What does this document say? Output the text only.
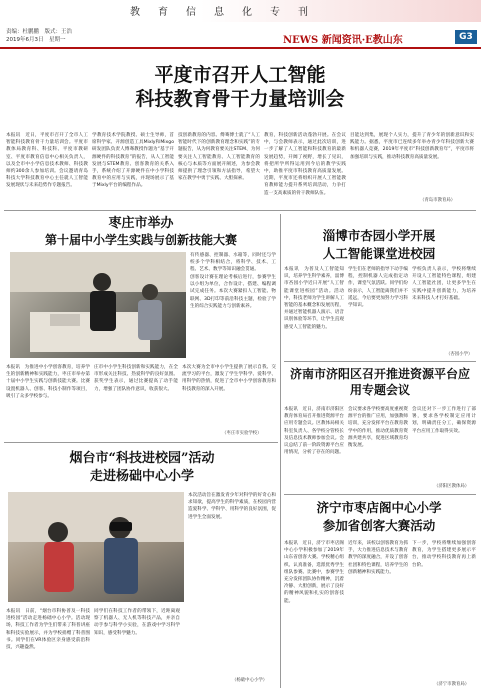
教育信息化专刊
责编：杜鹏鹏　版式：王浩
2019年6月3日　星期一	NEWS 新闻资讯·E教山东	G3
平度市召开人工智能
科技教育骨干力量培训会
本报讯　近日，平度市召开了全市人工智能科技教育骨干力量培训会。平度市教体局教育科、科技科、平度市教研室、平度市教育信息中心相关负责人，以及全市中小学信息技术教师、科技教师约300余人参加培训。会议邀请青岛科技大学科技教育中心主任就人工智能发展现状与未来趋势作专题报告。
学教育技术学院教授、硕士生导师，首席科学家、开源创造工具Mixly和Mixgo研发团队负责人傅骞教授作题为“基于开源硬件的科技教育”的报告，从人工智能发展与STEM教育、创客教育的关系入手，系统介绍了开源硬件在中小学科技教育中的应用与实践，并现场展示了基于Mixly平台的编程作品。
技创新教育的内容。傅骞博士就了“人工智能时代下的创新教育理念和实践”的专题报告，从为何教育要关注STEM、为何要关注人工智能教育、人工智能教育的核心与本质等方面展开阐述，为参会教师提供了理念引领和方法指导，希望大家在教学中勇于实践、大胆探索。
教育，科技创新活动蓬勃开展。在会议中，与会教师表示，通过此次培训，进一步了解了人工智能和科技教育的最新发展趋势，开阔了视野，增长了见识，将把所学所得运用到今后的教学实践中，助推平度市科技教育高质量发展。近期，平度市还将组织开展人工智能教育教师能力提升系列培训活动，力争打造一支高素质的骨干教师队伍。
目能达到集，展现个人实力，提升了青少年的创新意识和实践能力。据悉，平度市已连续多年举办青少年科技创新大赛和机器人竞赛，2019年平度市“科技创新教育年”，平度市将加强培训与实践，推动科技教育高质量发展。
（青岛市教育局）
枣庄市举办
第十届中小学生实践与创新技能大赛
有传感器、控制器、水箱等，同时还与学校多个学科相结合，将科学、技术、工程、艺术、数学等知识融会贯通。
创客设计赛在理论考核后进行，参赛学生以小组为单位，合作设计、搭建、编程调试完成任务。本次大赛紧扣人工智能、物联网、3D打印等前沿科技主题，检验了学生的综合实践能力与创新素养。
本报讯　为推进中小学创客教育，培养学生的创新精神和实践能力，枣庄市举办第十届中小学生实践与创新技能大赛。比赛设置机器人、创客、科技小制作等项目，吸引了众多学校参与。
庄市中小学生科技创新和实践能力，在全市形成关注科技、热爱科学的良好氛围。获奖学生表示，通过比赛提高了动手能力，增强了团队协作意识，收获很大。
本次大赛为全市中小学生提供了展示自我、交流学习的平台，激发了学生学科学、爱科学、用科学的热情，促进了全市中小学创客教育和科技教育的深入开展。
（枣庄市实验学校）
淄博市杏园小学开展
人工智能课堂进校园
本报讯　为普及人工智能知识，培养学生科学素养，淄博市杏园小学近日开展“人工智能课堂进校园”活动。活动中，科技老师为学生讲解人工智能的基本概念和发展历程，并通过智能机器人演示、语音识别体验等环节，让学生直观感受人工智能的魅力。
学生们在老师的指导下动手编程，控制机器人完成指定动作，课堂气氛活跃。同学们纷纷表示，人工智能离我们并不遥远，今后要更加努力学习科学知识。
学校负责人表示，学校将继续开设人工智能特色课程，组建人工智能社团，让更多学生在实践中提升创新能力，为培养未来科技人才打好基础。
（杏园小学）
济南市济阳区召开推进资源平台应用专题会议
本报讯　近日，济南市济阳区教育体育局召开推进资源平台应用专题会议。区教体局相关科室负责人、各学校分管校长及信息技术教师参加会议。会议总结了前一阶段资源平台应用情况，分析了存在的问题。
会议要求各学校要高度重视资源平台的推广应用，加强教师培训，充分发挥平台在教育教学中的作用，推动优质教育资源共建共享，促进区域教育均衡发展。
会议还对下一步工作进行了部署，要求各学校制定应用计划，明确责任分工，确保资源平台应用工作取得实效。
（济阳区教体局）
烟台市“科技进校园”活动
走进杨础中心小学
本次活动旨在激发青少年对科学的好奇心和求知欲，提高学生的科学素质，在校园内营造爱科学、学科学、用科学的良好氛围，促进学生全面发展。
本报讯　日前，“烟台市科协普及一科技进校园”活动走进杨础中心小学。活动现场，科技工作者为学生们带来了科普讲座和科技实验展示，并为学校捐赠了科普图书。同学们在VR体验区亲身感受前沿科技，兴趣盎然。
同学们在科技工作者的带领下，近距离观察了机器人、无人机等科技产品，并亲自动手参与科学小实验，在游戏中学习科学知识，感受科学魅力。
（杨础中心小学）
济宁市枣店阁中心小学
参加省创客大赛活动
本报讯　近日，济宁市枣店阁中心小学积极参加了2019年山东省创客大赛。学校精心组织、认真准备，选派优秀学生组队参赛。比赛中，参赛学生充分发挥团队协作精神，沉着冷静、大胆创新，展示了良好的精神风貌和扎实的创客技能。
近年来，该校以创客教育为抓手，大力推进信息技术与教育教学的深度融合，开设了创客社团和特色课程，培养学生的创新精神和实践能力。
下一步，学校将继续加强创客教育，为学生搭建更多展示平台，推动学校科技教育再上新台阶。
（济宁市教育局）
